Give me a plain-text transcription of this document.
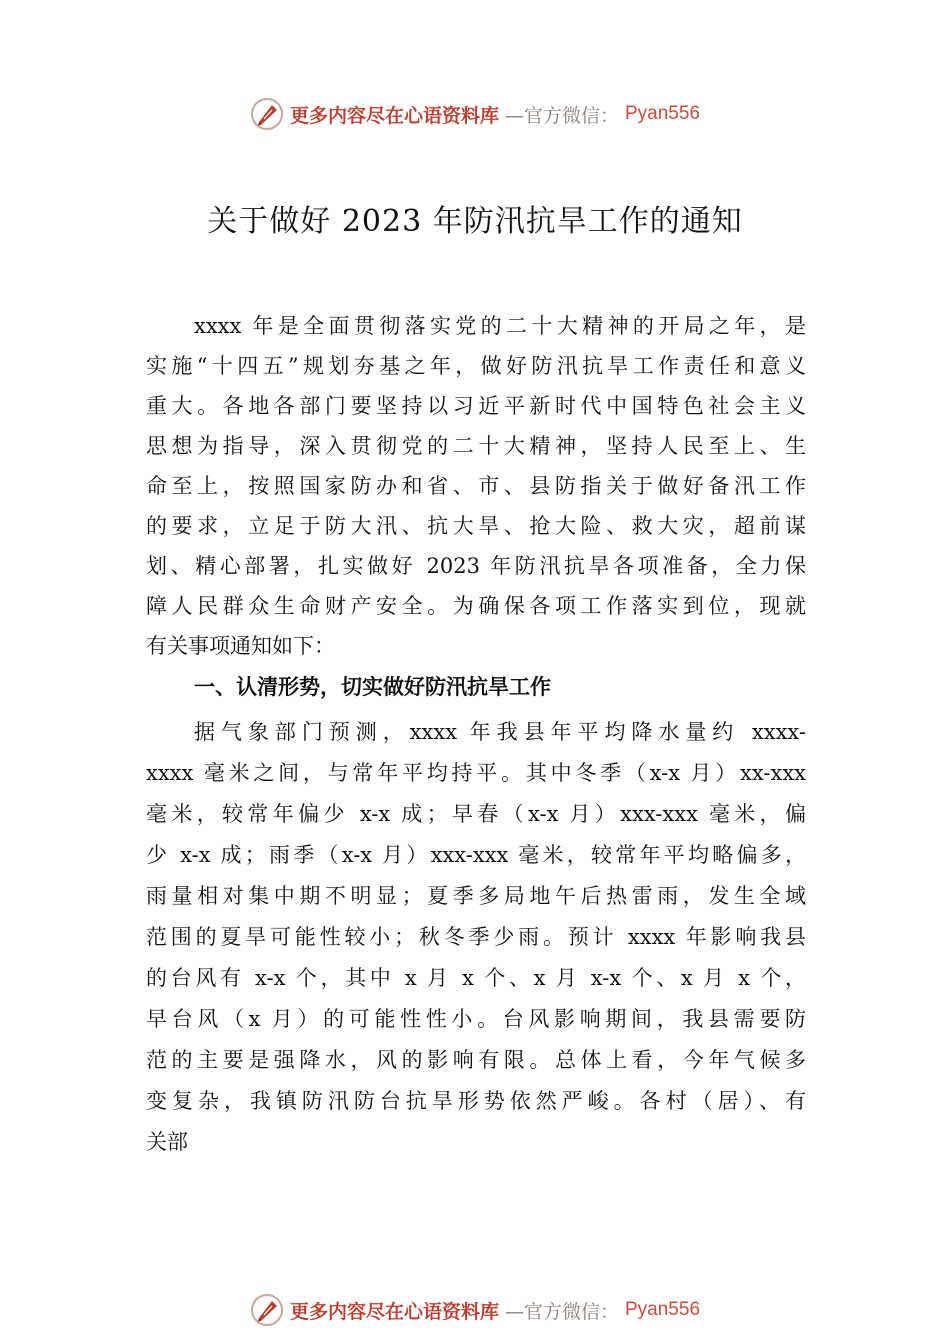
更多内容尽在心语资料库 —官方微信： Pyan556
关于做好 2023 年防汛抗旱工作的通知
xxxx 年是全面贯彻落实党的二十大精神的开局之年，是
实施“十四五”规划夯基之年，做好防汛抗旱工作责任和意义
重大。各地各部门要坚持以习近平新时代中国特色社会主义
思想为指导，深入贯彻党的二十大精神，坚持人民至上、生
命至上，按照国家防办和省、市、县防指关于做好备汛工作
的要求，立足于防大汛、抗大旱、抢大险、救大灾，超前谋
划、精心部署，扎实做好 2023 年防汛抗旱各项准备，全力保
障人民群众生命财产安全。为确保各项工作落实到位，现就
有关事项通知如下：
一、认清形势，切实做好防汛抗旱工作
据气象部门预测，xxxx 年我县年平均降水量约 xxxx-
xxxx 毫米之间，与常年平均持平。其中冬季（x-x 月）xx-xxx
毫米，较常年偏少 x-x 成；早春（x-x 月）xxx-xxx 毫米，偏
少 x-x 成；雨季（x-x 月）xxx-xxx 毫米，较常年平均略偏多，
雨量相对集中期不明显；夏季多局地午后热雷雨，发生全域
范围的夏旱可能性较小；秋冬季少雨。预计 xxxx 年影响我县
的台风有 x-x 个，其中 x 月 x 个、x 月 x-x 个、x 月 x 个，
早台风（x 月）的可能性性小。台风影响期间，我县需要防
范的主要是强降水，风的影响有限。总体上看，今年气候多
变复杂，我镇防汛防台抗旱形势依然严峻。各村（居）、有
关部
更多内容尽在心语资料库 —官方微信： Pyan556
